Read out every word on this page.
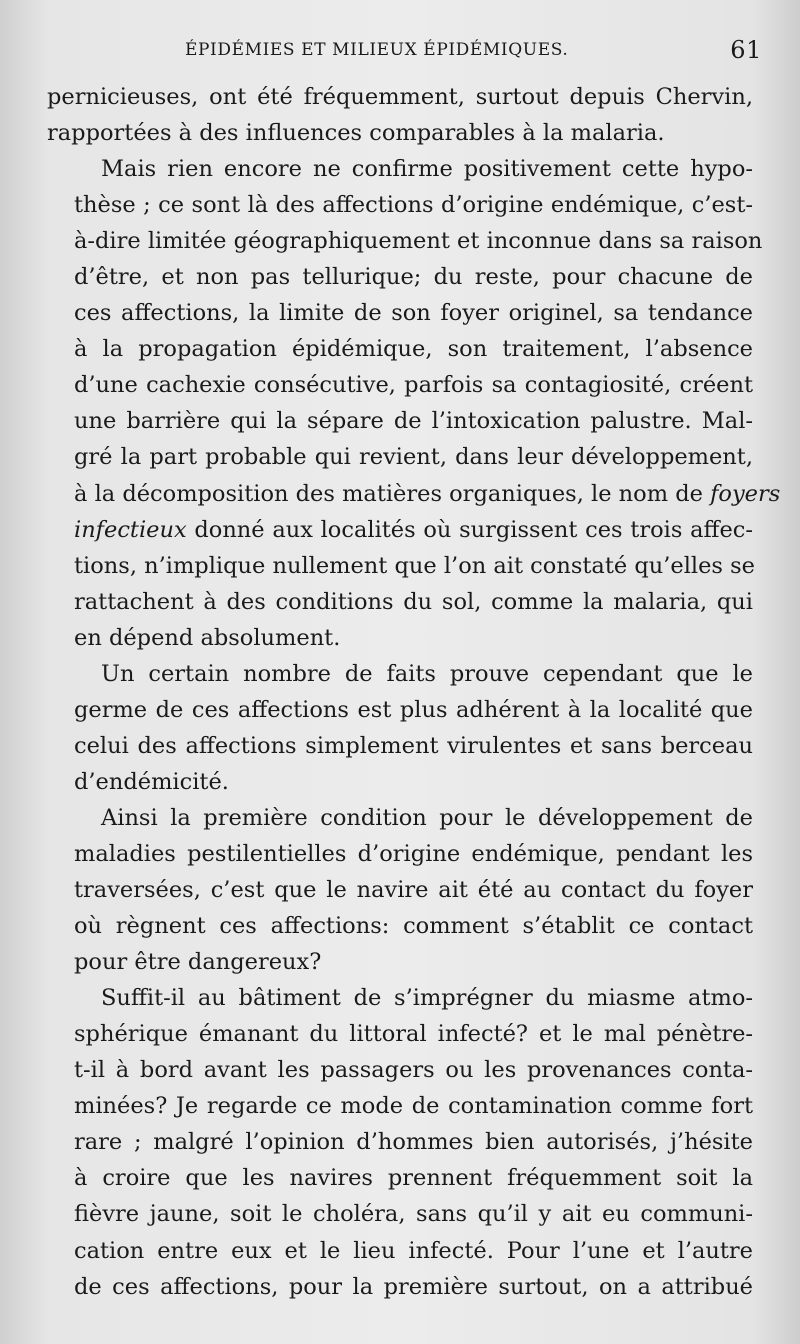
ÉPIDÉMIES ET MILIEUX ÉPIDÉMIQUES.	61

pernicieuses, ont été fréquemment, surtout depuis Chervin,
rapportées à des influences comparables à la malaria.

Mais rien encore ne confirme positivement cette hypo-
thèse ; ce sont là des affections d’origine endémique, c’est-
à-dire limitée géographiquement et inconnue dans sa raison
d’être, et non pas tellurique; du reste, pour chacune de
ces affections, la limite de son foyer originel, sa tendance
à la propagation épidémique, son traitement, l’absence
d’une cachexie consécutive, parfois sa contagiosité, créent
une barrière qui la sépare de l’intoxication palustre. Mal-
gré la part probable qui revient, dans leur développement,
à la décomposition des matières organiques, le nom de foyers
infectieux donné aux localités où surgissent ces trois affec-
tions, n’implique nullement que l’on ait constaté qu’elles se
rattachent à des conditions du sol, comme la malaria, qui
en dépend absolument.

Un certain nombre de faits prouve cependant que le
germe de ces affections est plus adhérent à la localité que
celui des affections simplement virulentes et sans berceau
d’endémicité.

Ainsi la première condition pour le développement de
maladies pestilentielles d’origine endémique, pendant les
traversées, c’est que le navire ait été au contact du foyer
où règnent ces affections: comment s’établit ce contact
pour être dangereux?

Suffit-il au bâtiment de s’imprégner du miasme atmo-
sphérique émanant du littoral infecté? et le mal pénètre-
t-il à bord avant les passagers ou les provenances conta-
minées? Je regarde ce mode de contamination comme fort
rare ; malgré l’opinion d’hommes bien autorisés, j’hésite
à croire que les navires prennent fréquemment soit la
fièvre jaune, soit le choléra, sans qu’il y ait eu communi-
cation entre eux et le lieu infecté. Pour l’une et l’autre
de ces affections, pour la première surtout, on a attribué
